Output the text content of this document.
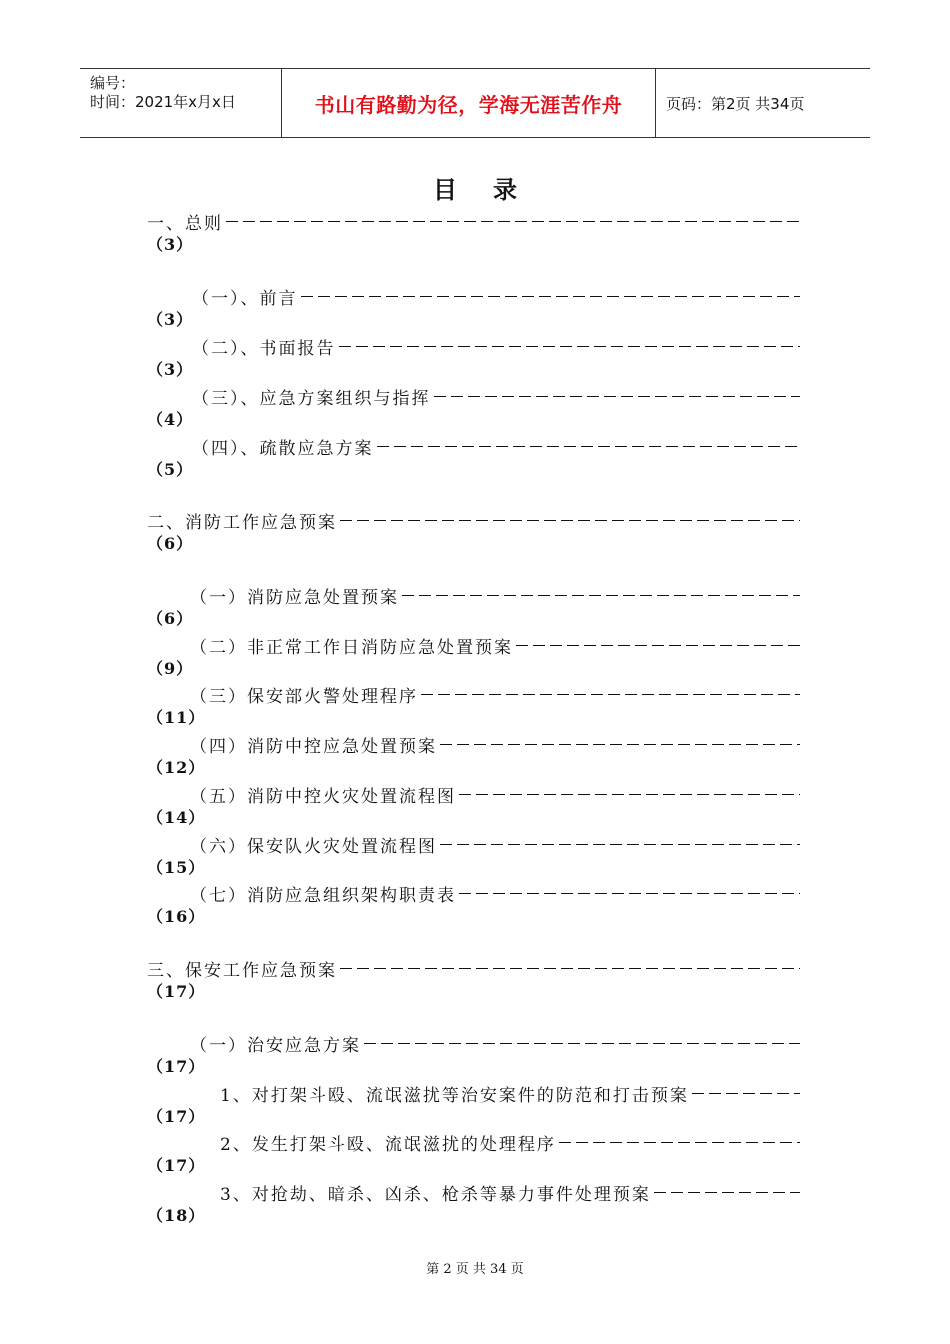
编号：
时间：2021年x月x日	书山有路勤为径，学海无涯苦作舟	页码：第2页 共34页
目录
一、总则
（3）
（一）、前言
（3）
（二）、书面报告
（3）
（三）、应急方案组织与指挥
（4）
（四）、疏散应急方案
（5）
二、消防工作应急预案
（6）
（一）消防应急处置预案
（6）
（二）非正常工作日消防应急处置预案
（9）
（三）保安部火警处理程序
（11）
（四）消防中控应急处置预案
（12）
（五）消防中控火灾处置流程图
（14）
（六）保安队火灾处置流程图
（15）
（七）消防应急组织架构职责表
（16）
三、保安工作应急预案
（17）
（一）治安应急方案
（17）
1、对打架斗殴、流氓滋扰等治安案件的防范和打击预案
（17）
2、发生打架斗殴、流氓滋扰的处理程序
（17）
3、对抢劫、暗杀、凶杀、枪杀等暴力事件处理预案
（18）
第 2 页 共 34 页
